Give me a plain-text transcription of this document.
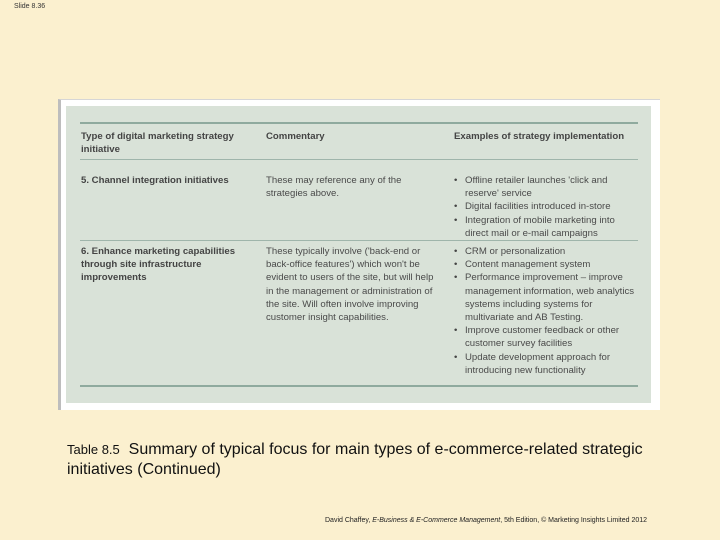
Slide 8.36
Type of digital marketing strategy initiative
Commentary	Examples of strategy implementation
5. Channel integration initiatives	These may reference any of the strategies above.
• Offline retailer launches 'click and reserve' service
• Digital facilities introduced in-store
• Integration of mobile marketing into direct mail or e-mail campaigns
6. Enhance marketing capabilities through site infrastructure improvements
These typically involve ('back-end or back-office features') which won't be evident to users of the site, but will help in the management or administration of the site. Will often involve improving customer insight capabilities.
• CRM or personalization
• Content management system
• Performance improvement – improve management information, web analytics systems including systems for multivariate and AB Testing.
• Improve customer feedback or other customer survey facilities
• Update development approach for introducing new functionality
Table 8.5 Summary of typical focus for main types of e-commerce-related strategic initiatives (Continued)
David Chaffey, E-Business & E-Commerce Management, 5th Edition, © Marketing Insights Limited 2012
